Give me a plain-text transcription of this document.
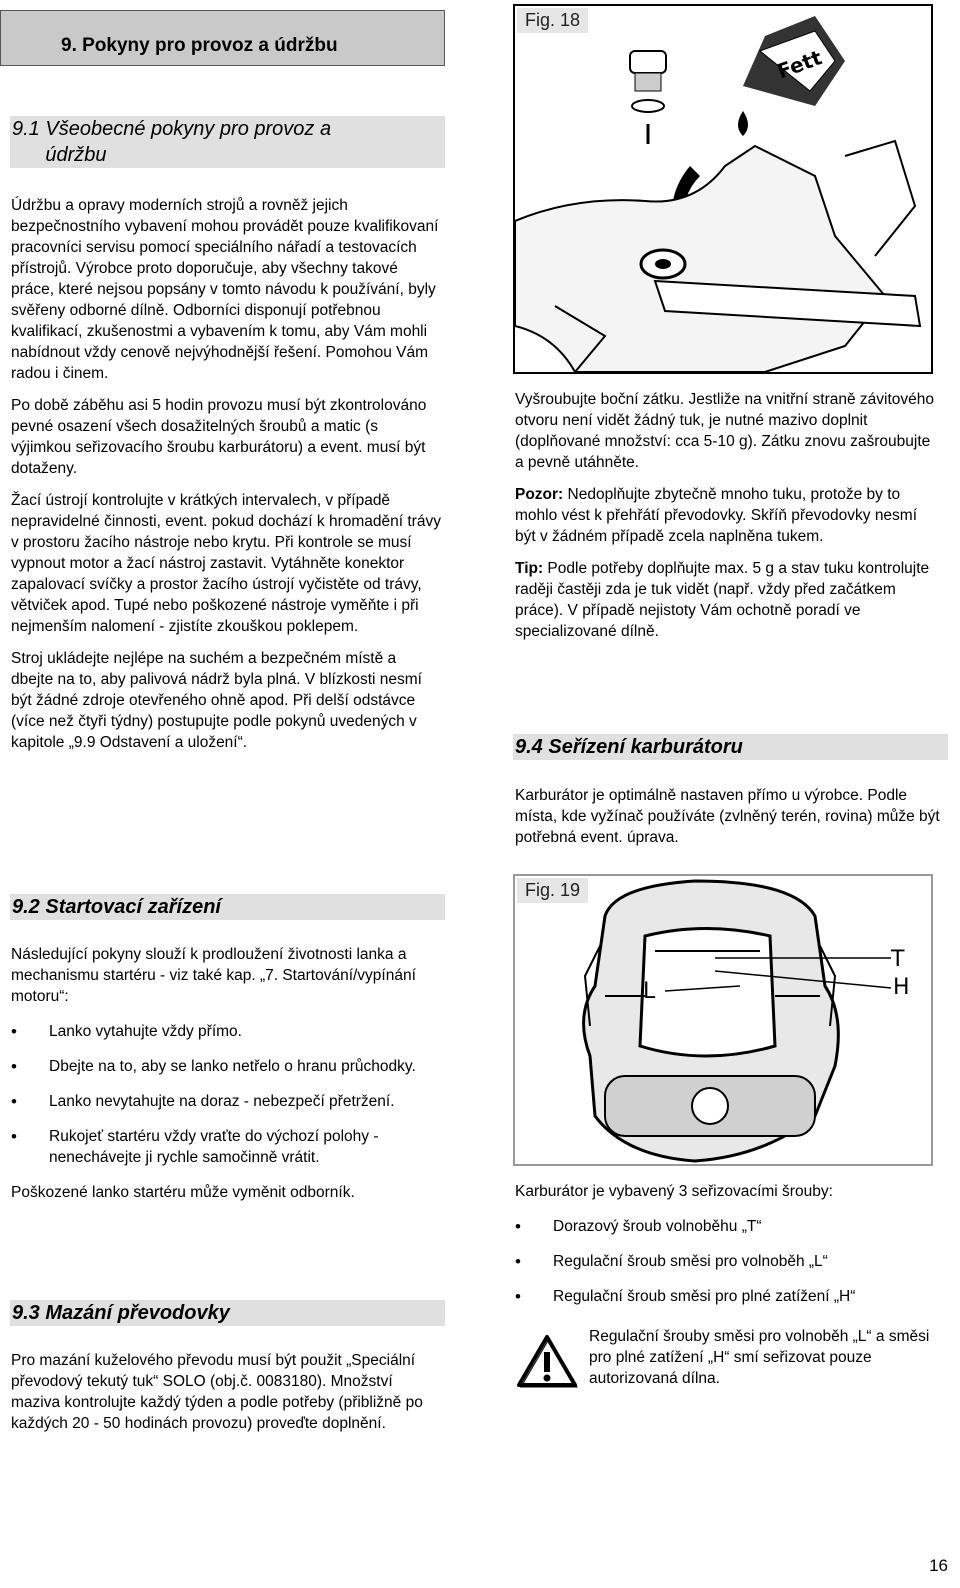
9. Pokyny pro provoz a údržbu
9.1 Všeobecné pokyny pro provoz a údržbu

Údržbu a opravy moderních strojů a rovněž jejich bezpečnostního vybavení mohou provádět pouze kvalifikovaní pracovníci servisu pomocí speciálního nářadí a testovacích přístrojů. Výrobce proto doporučuje, aby všechny takové práce, které nejsou popsány v tomto návodu k používání, byly svěřeny odborné dílně. Odborníci disponují potřebnou kvalifikací, zkušenostmi a vybavením k tomu, aby Vám mohli nabídnout vždy cenově nejvýhodnější řešení. Pomohou Vám radou i činem.

Po době záběhu asi 5 hodin provozu musí být zkontrolováno pevné osazení všech dosažitelných šroubů a matic (s výjimkou seřizovacího šroubu karburátoru) a event. musí být dotaženy.

Žací ústrojí kontrolujte v krátkých intervalech, v případě nepravidelné činnosti, event. pokud dochází k hromadění trávy v prostoru žacího nástroje nebo krytu. Při kontrole se musí vypnout motor a žací nástroj zastavit. Vytáhněte konektor zapalovací svíčky a prostor žacího ústrojí vyčistěte od trávy, větviček apod. Tupé nebo poškozené nástroje vyměňte i při nejmenším nalomení - zjistíte zkouškou poklepem.

Stroj ukládejte nejlépe na suchém a bezpečném místě a dbejte na to, aby palivová nádrž byla plná. V blízkosti nesmí být žádné zdroje otevřeného ohně apod. Při delší odstávce (více než čtyři týdny) postupujte podle pokynů uvedených v kapitole „9.9 Odstavení a uložení“.

9.2 Startovací zařízení

Následující pokyny slouží k prodloužení životnosti lanka a mechanismu startéru - viz také kap. „7. Startování/vypínání motoru“:

• Lanko vytahujte vždy přímo.
• Dbejte na to, aby se lanko netřelo o hranu průchodky.
• Lanko nevytahujte na doraz - nebezpečí přetržení.
• Rukojeť startéru vždy vraťte do výchozí polohy - nenechávejte ji rychle samočinně vrátit.

Poškozené lanko startéru může vyměnit odborník.

9.3 Mazání převodovky

Pro mazání kuželového převodu musí být použit „Speciální převodový tekutý tuk“ SOLO (obj.č. 0083180). Množství maziva kontrolujte každý týden a podle potřeby (přibližně po každých 20 - 50 hodinách provozu) proveďte doplnění.

Fig. 18
Fett

Vyšroubujte boční zátku. Jestliže na vnitřní straně závitového otvoru není vidět žádný tuk, je nutné mazivo doplnit (doplňované množství: cca 5-10 g). Zátku znovu zašroubujte a pevně utáhněte.

Pozor: Nedoplňujte zbytečně mnoho tuku, protože by to mohlo vést k přehřátí převodovky. Skříň převodovky nesmí být v žádném případě zcela naplněna tukem.

Tip: Podle potřeby doplňujte max. 5 g a stav tuku kontrolujte raději častěji zda je tuk vidět (např. vždy před začátkem práce). V případě nejistoty Vám ochotně poradí ve specializované dílně.

9.4 Seřízení karburátoru

Karburátor je optimálně nastaven přímo u výrobce. Podle místa, kde vyžínač používáte (zvlněný terén, rovina) může být potřebná event. úprava.

Fig. 19
T
H
L

Karburátor je vybavený 3 seřizovacími šrouby:

• Dorazový šroub volnoběhu „T“
• Regulační šroub směsi pro volnoběh „L“
• Regulační šroub směsi pro plné zatížení „H“

Regulační šrouby směsi pro volnoběh „L“ a směsi pro plné zatížení „H“ smí seřizovat pouze autorizovaná dílna.

16
